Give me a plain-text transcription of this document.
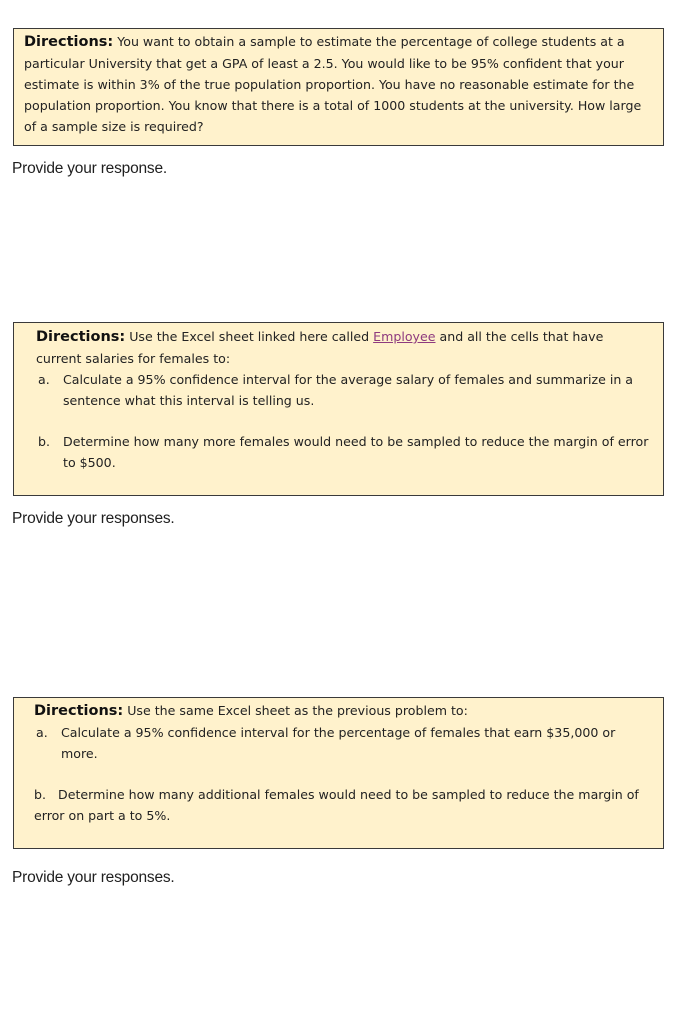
Directions: You want to obtain a sample to estimate the percentage of college students at a particular University that get a GPA of least a 2.5. You would like to be 95% confident that your estimate is within 3% of the true population proportion. You have no reasonable estimate for the population proportion. You know that there is a total of 1000 students at the university. How large of a sample size is required?
Provide your response.
Directions: Use the Excel sheet linked here called Employee and all the cells that have current salaries for females to:
a. Calculate a 95% confidence interval for the average salary of females and summarize in a sentence what this interval is telling us.
b. Determine how many more females would need to be sampled to reduce the margin of error to $500.
Provide your responses.
Directions: Use the same Excel sheet as the previous problem to:
a. Calculate a 95% confidence interval for the percentage of females that earn $35,000 or more.
b. Determine how many additional females would need to be sampled to reduce the margin of error on part a to 5%.
Provide your responses.
